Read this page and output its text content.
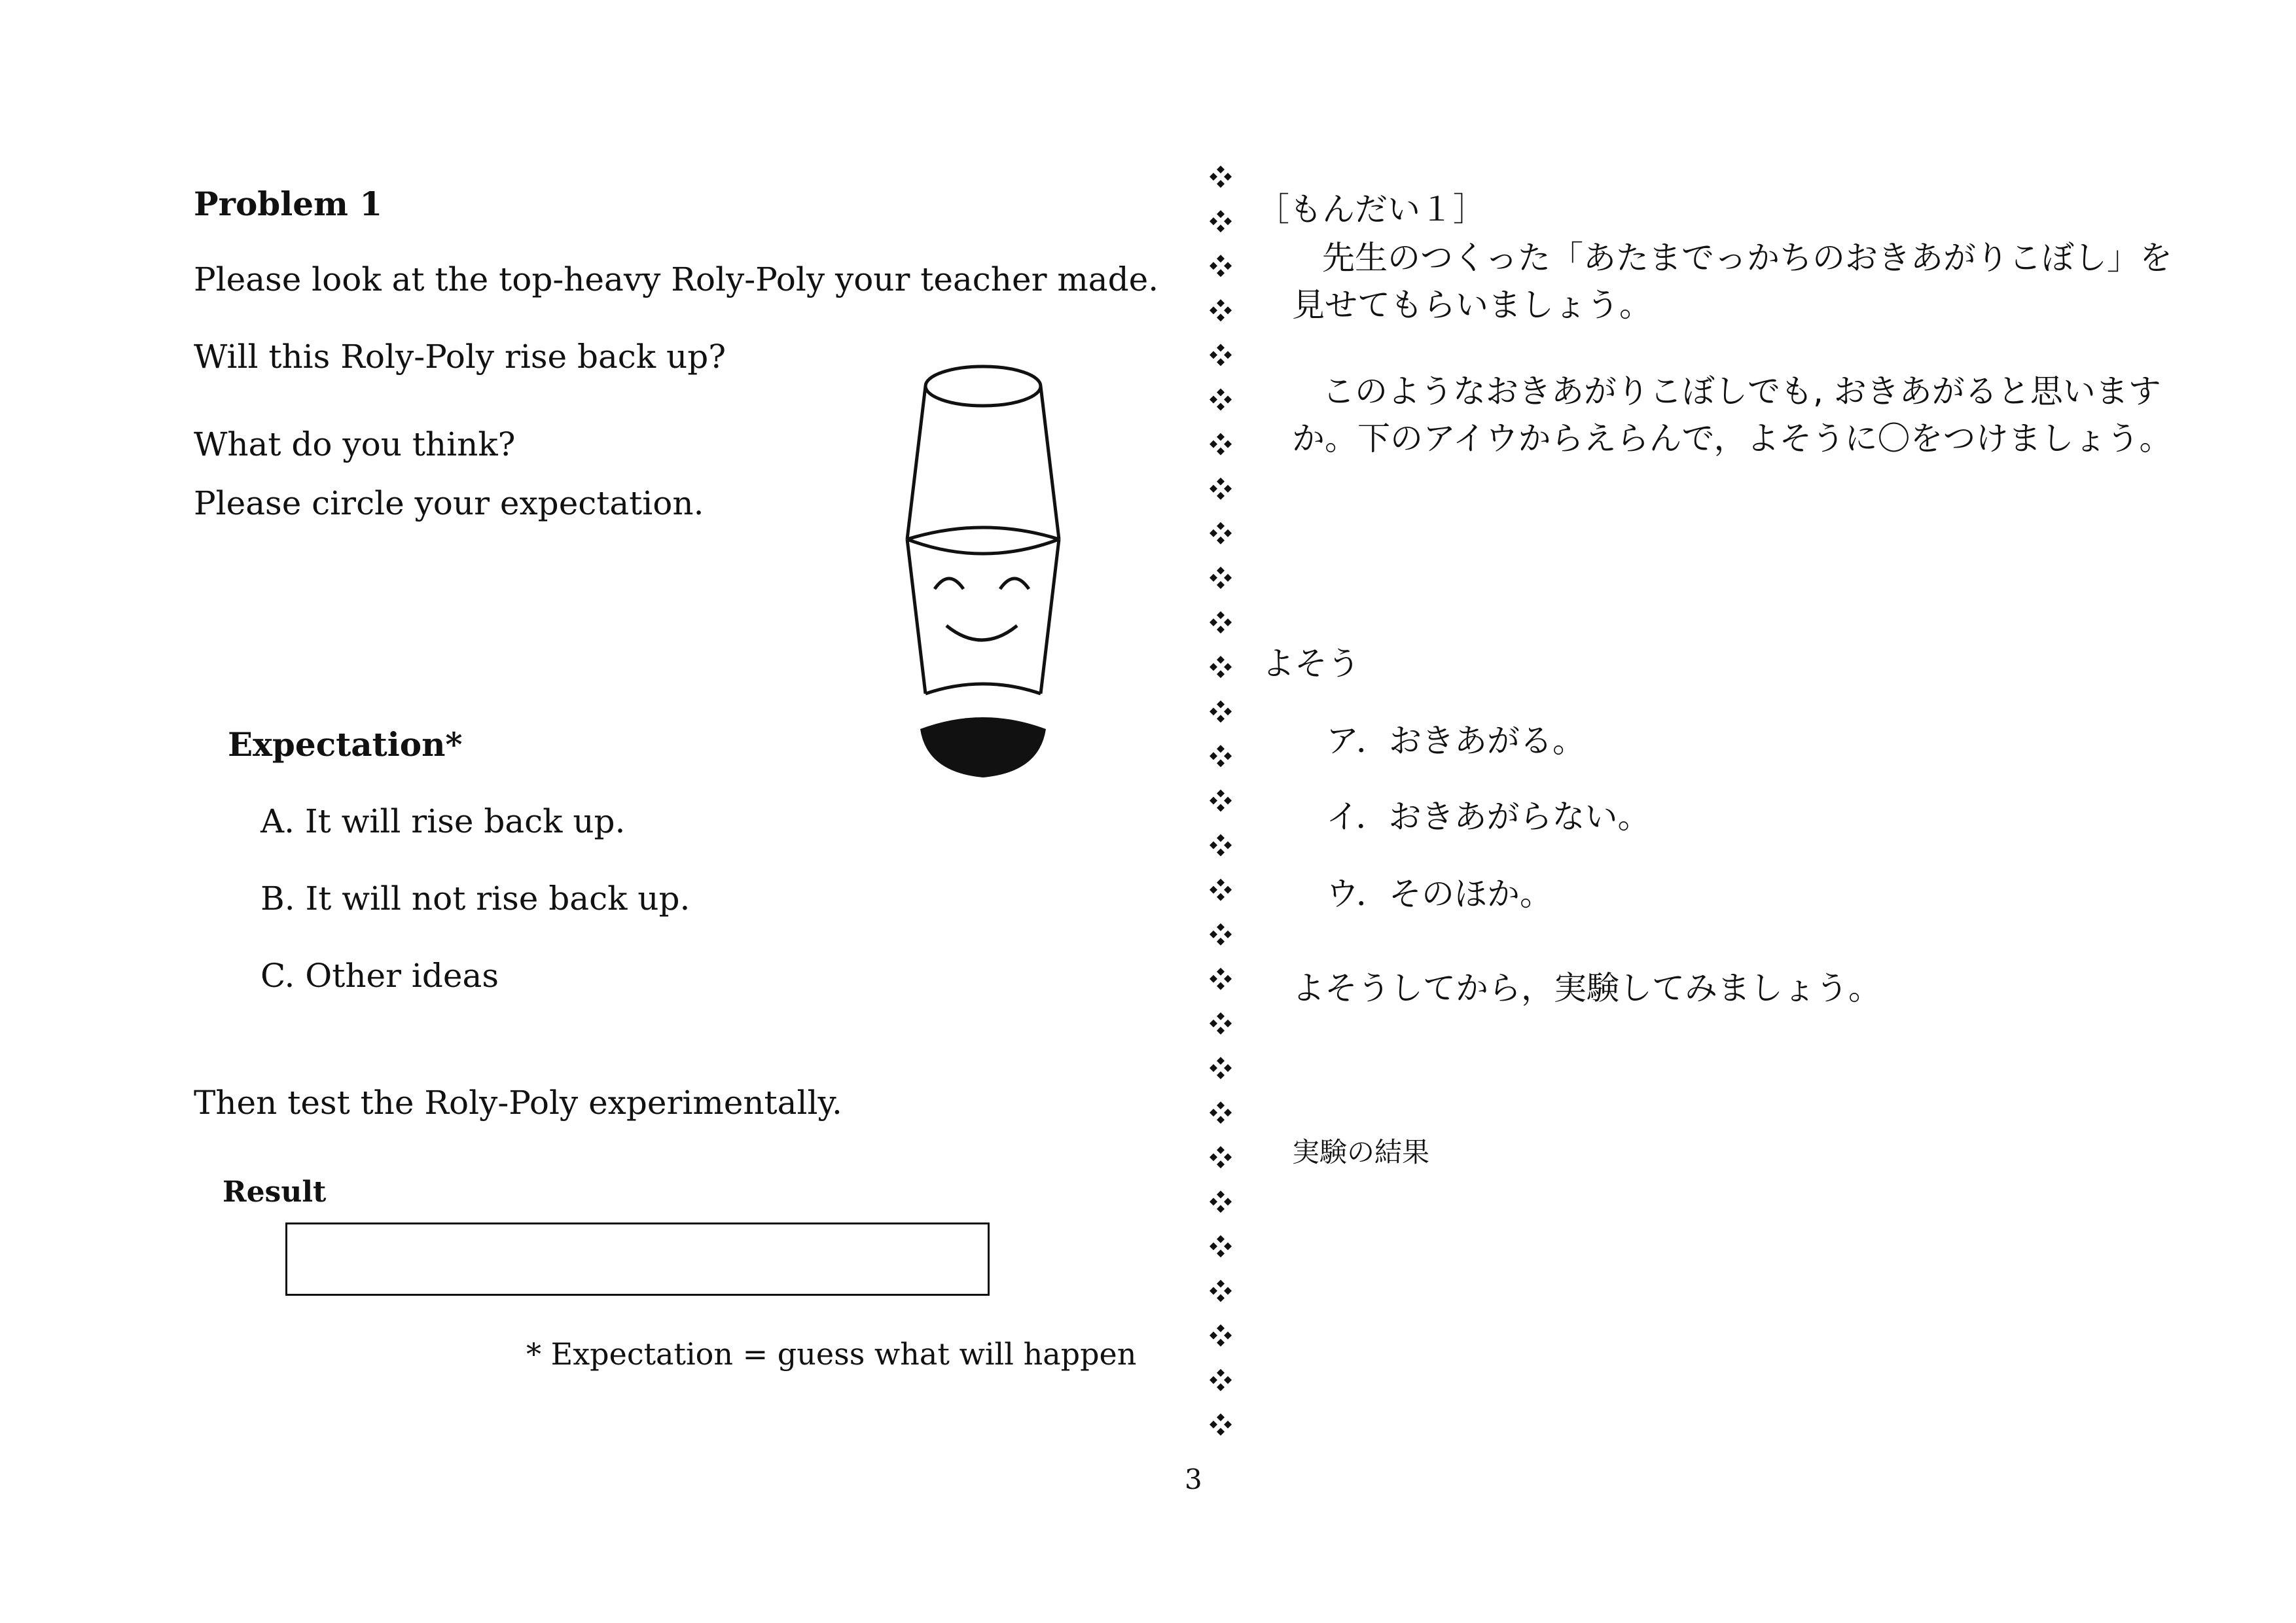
Problem 1
Please look at the top-heavy Roly-Poly your teacher made.
Will this Roly-Poly rise back up?
What do you think?
Please circle your expectation.
Expectation*
A. It will rise back up.
B. It will not rise back up.
C. Other ideas
Then test the Roly-Poly experimentally.
Result
* Expectation = guess what will happen
［もんだい１］
先生のつくった「あたまでっかちのおきあがりこぼし」を
見せてもらいましょう。
このようなおきあがりこぼしでも, おきあがると思います
か。下のアイウからえらんで，よそうに〇をつけましょう。
よそう
ア．おきあがる。
イ．おきあがらない。
ウ．そのほか。
よそうしてから，実験してみましょう。
実験の結果
3
